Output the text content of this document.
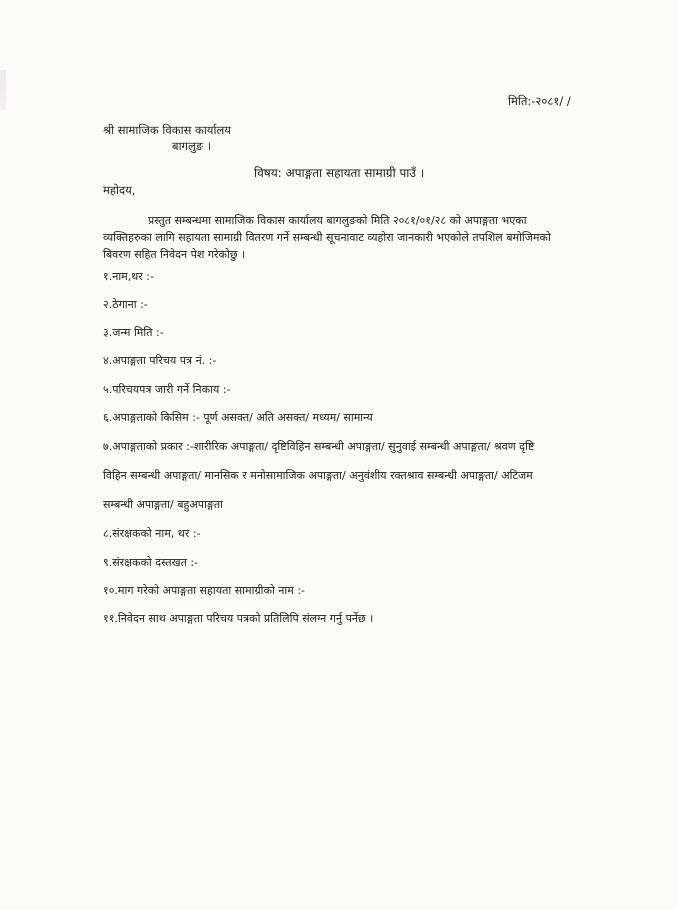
मिति:-२०८१/ /
श्री सामाजिक विकास कार्यालय
बागलुङ ।
विषय: अपाङ्गता सहायता सामाग्री पाउँ ।
महोदय,
प्रस्तुत सम्बन्धमा सामाजिक विकास कार्यालय बागलुङको मिति २०८१/०१/२८ को अपाङ्गता भएका
व्यक्तिहरुका लागि सहायता सामाग्री वितरण गर्ने सम्बन्धी सूचनावाट व्यहोरा जानकारी भएकोले तपशिल बमोजिमको
बिवरण सहित निवेदन पेश गरेकोछु ।
१.नाम,थर :-
२.ठेगाना :-
३.जन्म मिति :-
४.अपाङ्गता परिचय पत्र नं. :-
५.परिचयपत्र जारी गर्ने निकाय :-
६.अपाङ्गताको किसिम :- पूर्ण असक्त/ अति असक्त/ मध्यम/ सामान्य
७.अपाङ्गताको प्रकार :-शारीरिक अपाङ्गता/ दृष्टिविहिन सम्बन्धी अपाङ्गता/ सुनुवाई सम्बन्धी अपाङ्गता/ श्रवण दृष्टि
विहिन सम्बन्धी अपाङ्गता/ मानसिक र मनोसामाजिक अपाङ्गता/ अनुवंशीय रक्तश्राव सम्बन्धी अपाङ्गता/ अटिजम
सम्बन्धी अपाङ्गता/ बहुअपाङ्गता
८.संरक्षकको नाम, थर :-
९.संरक्षकको दस्तखत :-
१०.माग गरेको अपाङ्गता सहायता सामाग्रीको नाम :-
११.निवेदन साथ अपाङ्गता परिचय पत्रको प्रतिलिपि संलग्न गर्नु पर्नेछ ।
